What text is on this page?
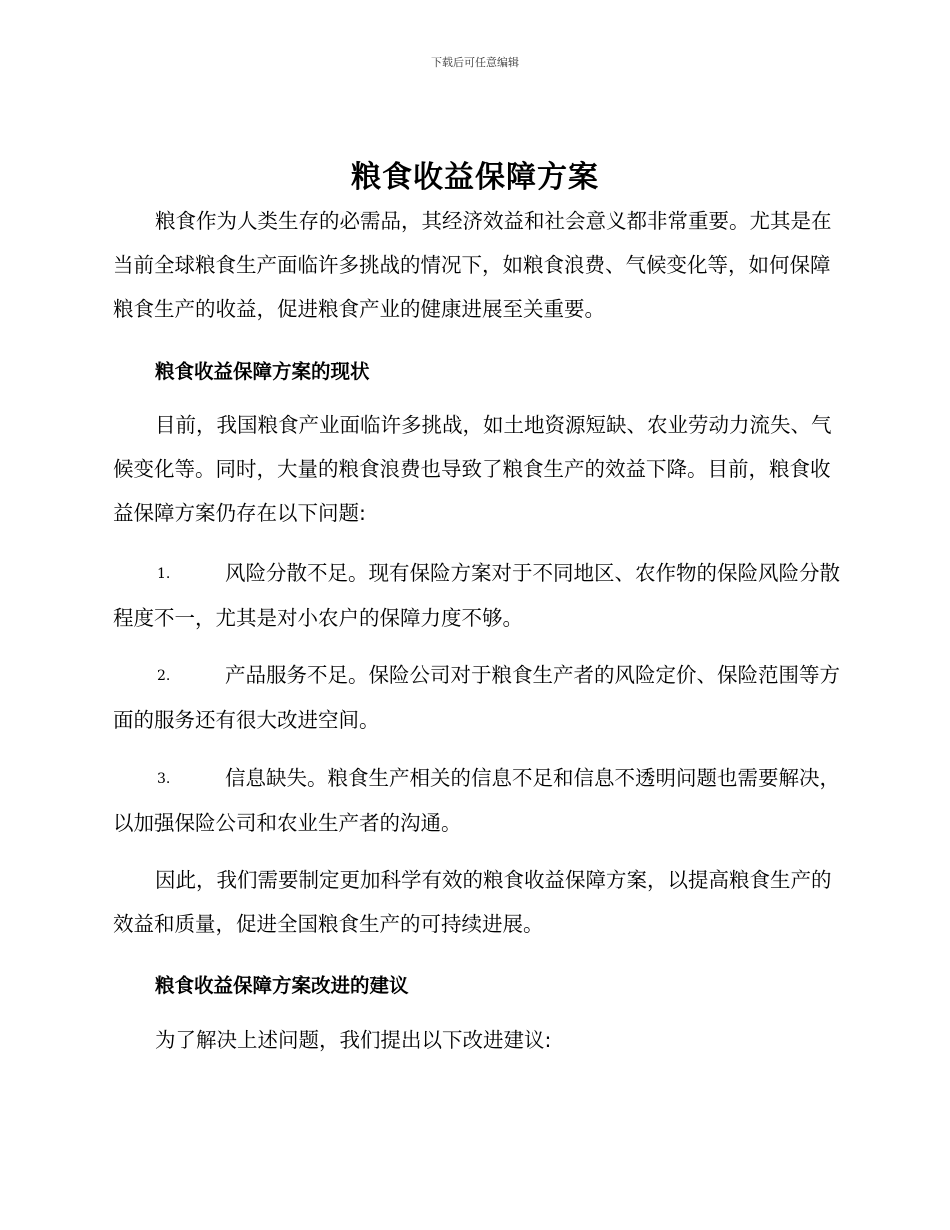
下载后可任意编辑
粮食收益保障方案

粮食作为人类生存的必需品，其经济效益和社会意义都非常重要。尤其是在当前全球粮食生产面临许多挑战的情况下，如粮食浪费、气候变化等，如何保障粮食生产的收益，促进粮食产业的健康进展至关重要。

粮食收益保障方案的现状

目前，我国粮食产业面临许多挑战，如土地资源短缺、农业劳动力流失、气候变化等。同时，大量的粮食浪费也导致了粮食生产的效益下降。目前，粮食收益保障方案仍存在以下问题:

1.	风险分散不足。现有保险方案对于不同地区、农作物的保险风险分散程度不一，尤其是对小农户的保障力度不够。
2.	产品服务不足。保险公司对于粮食生产者的风险定价、保险范围等方面的服务还有很大改进空间。
3.	信息缺失。粮食生产相关的信息不足和信息不透明问题也需要解决，以加强保险公司和农业生产者的沟通。

因此，我们需要制定更加科学有效的粮食收益保障方案，以提高粮食生产的效益和质量，促进全国粮食生产的可持续进展。

粮食收益保障方案改进的建议

为了解决上述问题，我们提出以下改进建议:
